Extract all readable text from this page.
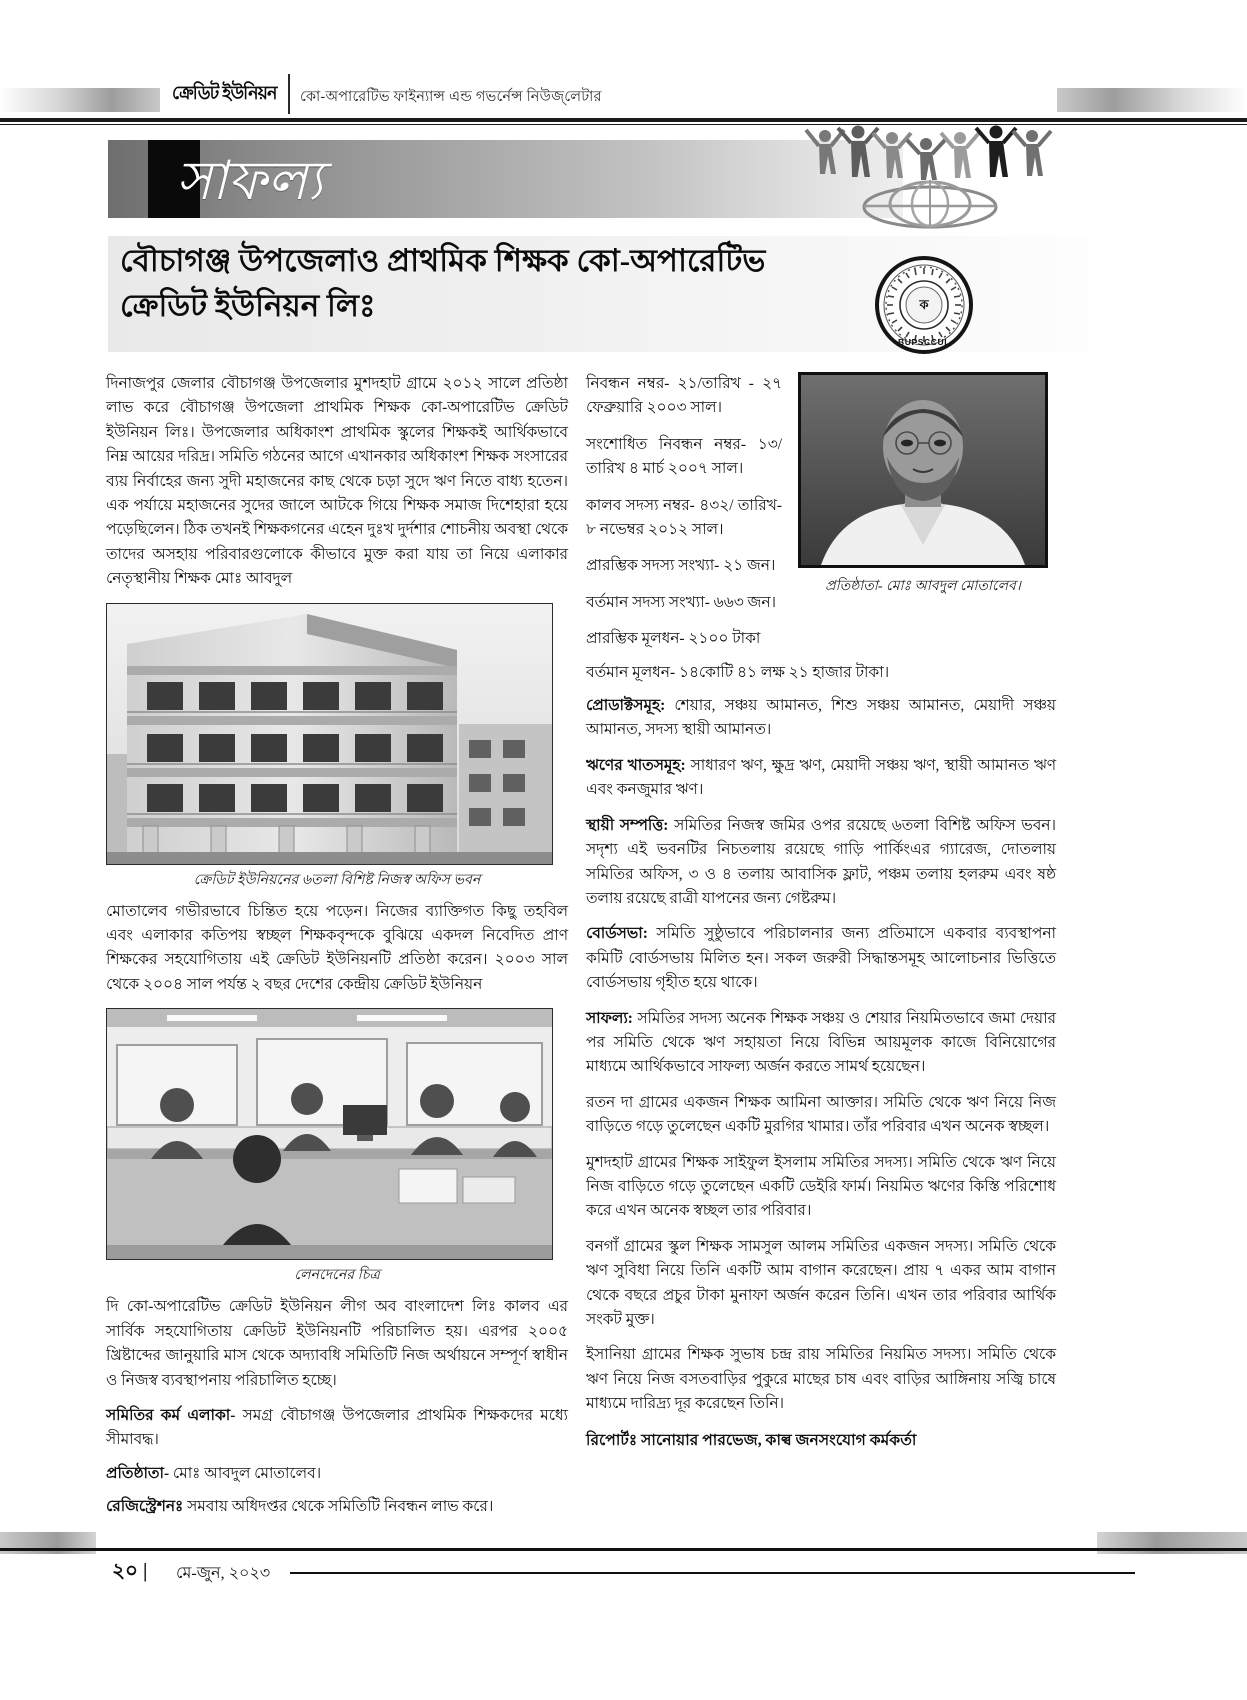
ক্রেডিট ইউনিয়ন কো-অপারেটিভ ফাইন্যান্স এন্ড গভর্নেন্স নিউজ্‌লেটার
সাফল্য
বৌচাগঞ্জ উপজেলাও প্রাথমিক শিক্ষক কো-অপারেটিভ ক্রেডিট ইউনিয়ন লিঃ	ক
BUPSCCUL

দিনাজপুর জেলার বৌচাগঞ্জ উপজেলার মুশদহাট গ্রামে ২০১২ সালে প্রতিষ্ঠা লাভ করে বৌচাগঞ্জ উপজেলা প্রাথমিক শিক্ষক কো-অপারেটিভ ক্রেডিট ইউনিয়ন লিঃ। উপজেলার অধিকাংশ প্রাথমিক স্কুলের শিক্ষকই আর্থিকভাবে নিম্ন আয়ের দরিদ্র। সমিতি গঠনের আগে এখানকার অধিকাংশ শিক্ষক সংসারের ব্যয় নির্বাহের জন্য সুদী মহাজনের কাছ থেকে চড়া সুদে ঋণ নিতে বাধ্য হতেন। এক পর্যায়ে মহাজনের সুদের জালে আটকে গিয়ে শিক্ষক সমাজ দিশেহারা হয়ে পড়েছিলেন। ঠিক তখনই শিক্ষকগনের এহেন দুঃখ দুর্দশার শোচনীয় অবস্থা থেকে তাদের অসহায় পরিবারগুলোকে কীভাবে মুক্ত করা যায় তা নিয়ে এলাকার নেতৃস্থানীয় শিক্ষক মোঃ আবদুল

ক্রেডিট ইউনিয়নের ৬তলা বিশিষ্ট নিজস্ব অফিস ভবন

মোতালেব গভীরভাবে চিন্তিত হয়ে পড়েন। নিজের ব্যাক্তিগত কিছু তহবিল এবং এলাকার কতিপয় স্বচ্ছল শিক্ষকবৃন্দকে বুঝিয়ে একদল নিবেদিত প্রাণ শিক্ষকের সহযোগিতায় এই ক্রেডিট ইউনিয়নটি প্রতিষ্ঠা করেন। ২০০৩ সাল থেকে ২০০৪ সাল পর্যন্ত ২ বছর দেশের কেন্দ্রীয় ক্রেডিট ইউনিয়ন

লেনদেনের চিত্র

দি কো-অপারেটিভ ক্রেডিট ইউনিয়ন লীগ অব বাংলাদেশ লিঃ কালব এর সার্বিক সহযোগিতায় ক্রেডিট ইউনিয়নটি পরিচালিত হয়। এরপর ২০০৫ খ্রিষ্টাব্দের জানুয়ারি মাস থেকে অদ্যাবধি সমিতিটি নিজ অর্থায়নে সম্পূর্ণ স্বাধীন ও নিজস্ব ব্যবস্থাপনায় পরিচালিত হচ্ছে।

সমিতির কর্ম এলাকা- সমগ্র বৌচাগঞ্জ উপজেলার প্রাথমিক শিক্ষকদের মধ্যে সীমাবদ্ধ।

প্রতিষ্ঠাতা- মোঃ আবদুল মোতালেব।

রেজিস্ট্রেশনঃ সমবায় অধিদপ্তর থেকে সমিতিটি নিবন্ধন লাভ করে।

নিবন্ধন নম্বর- ২১/তারিখ - ২৭ ফেব্রুয়ারি ২০০৩ সাল।

সংশোধিত নিবন্ধন নম্বর- ১৩/ তারিখ ৪ মার্চ ২০০৭ সাল।

কালব সদস্য নম্বর- ৪৩২/ তারিখ- ৮ নভেম্বর ২০১২ সাল।

প্রারম্ভিক সদস্য সংখ্যা- ২১ জন।

বর্তমান সদস্য সংখ্যা- ৬৬৩ জন।

প্রারম্ভিক মূলধন- ২১০০ টাকা

বর্তমান মূলধন- ১৪কোটি ৪১ লক্ষ ২১ হাজার টাকা।

প্রোডাক্টসমূহ: শেয়ার, সঞ্চয় আমানত, শিশু সঞ্চয় আমানত, মেয়াদী সঞ্চয় আমানত, সদস্য স্থায়ী আমানত।

ঋণের খাতসমূহ: সাধারণ ঋণ, ক্ষুদ্র ঋণ, মেয়াদী সঞ্চয় ঋণ, স্থায়ী আমানত ঋণ এবং কনজুমার ঋণ।

স্থায়ী সম্পত্তি: সমিতির নিজস্ব জমির ওপর রয়েছে ৬তলা বিশিষ্ট অফিস ভবন। সদৃশ্য এই ভবনটির নিচতলায় রয়েছে গাড়ি পার্কিংএর গ্যারেজ, দোতলায় সমিতির অফিস, ৩ ও ৪ তলায় আবাসিক ফ্লাট, পঞ্চম তলায় হলরুম এবং ষষ্ঠ তলায় রয়েছে রাত্রী যাপনের জন্য গেষ্টরুম।

বোর্ডসভা: সমিতি সুষ্ঠুভাবে পরিচালনার জন্য প্রতিমাসে একবার ব্যবস্থাপনা কমিটি বোর্ডসভায় মিলিত হন। সকল জরুরী সিদ্ধান্তসমূহ আলোচনার ভিত্তিতে বোর্ডসভায় গৃহীত হয়ে থাকে।

সাফল্য: সমিতির সদস্য অনেক শিক্ষক সঞ্চয় ও শেয়ার নিয়মিতভাবে জমা দেয়ার পর সমিতি থেকে ঋণ সহায়তা নিয়ে বিভিন্ন আয়মূলক কাজে বিনিয়োগের মাধ্যমে আর্থিকভাবে সাফল্য অর্জন করতে সামর্থ হয়েছেন।

রতন দা গ্রামের একজন শিক্ষক আমিনা আক্তার। সমিতি থেকে ঋণ নিয়ে নিজ বাড়িতে গড়ে তুলেছেন একটি মুরগির খামার। তাঁর পরিবার এখন অনেক স্বচ্ছল।

মুশদহাট গ্রামের শিক্ষক সাইফুল ইসলাম সমিতির সদস্য। সমিতি থেকে ঋণ নিয়ে নিজ বাড়িতে গড়ে তুলেছেন একটি ডেইরি ফার্ম। নিয়মিত ঋণের কিস্তি পরিশোধ করে এখন অনেক স্বচ্ছল তার পরিবার।

বনগাঁ গ্রামের স্কুল শিক্ষক সামসুল আলম সমিতির একজন সদস্য। সমিতি থেকে ঋণ সুবিধা নিয়ে তিনি একটি আম বাগান করেছেন। প্রায় ৭ একর আম বাগান থেকে বছরে প্রচুর টাকা মুনাফা অর্জন করেন তিনি। এখন তার পরিবার আর্থিক সংকট মুক্ত।

ইসানিয়া গ্রামের শিক্ষক সুভাষ চন্দ্র রায় সমিতির নিয়মিত সদস্য। সমিতি থেকে ঋণ নিয়ে নিজ বসতবাড়ির পুকুরে মাছের চাষ এবং বাড়ির আঙ্গিনায় সজ্বি চাষে মাধ্যমে দারিদ্র্য দূর করেছেন তিনি।

রিপোর্টঃ সানোয়ার পারভেজ, কাল্ব জনসংযোগ কর্মকর্তা

প্রতিষ্ঠাতা- মোঃ আবদুল মোতালেব।
২০ | মে-জুন, ২০২৩
